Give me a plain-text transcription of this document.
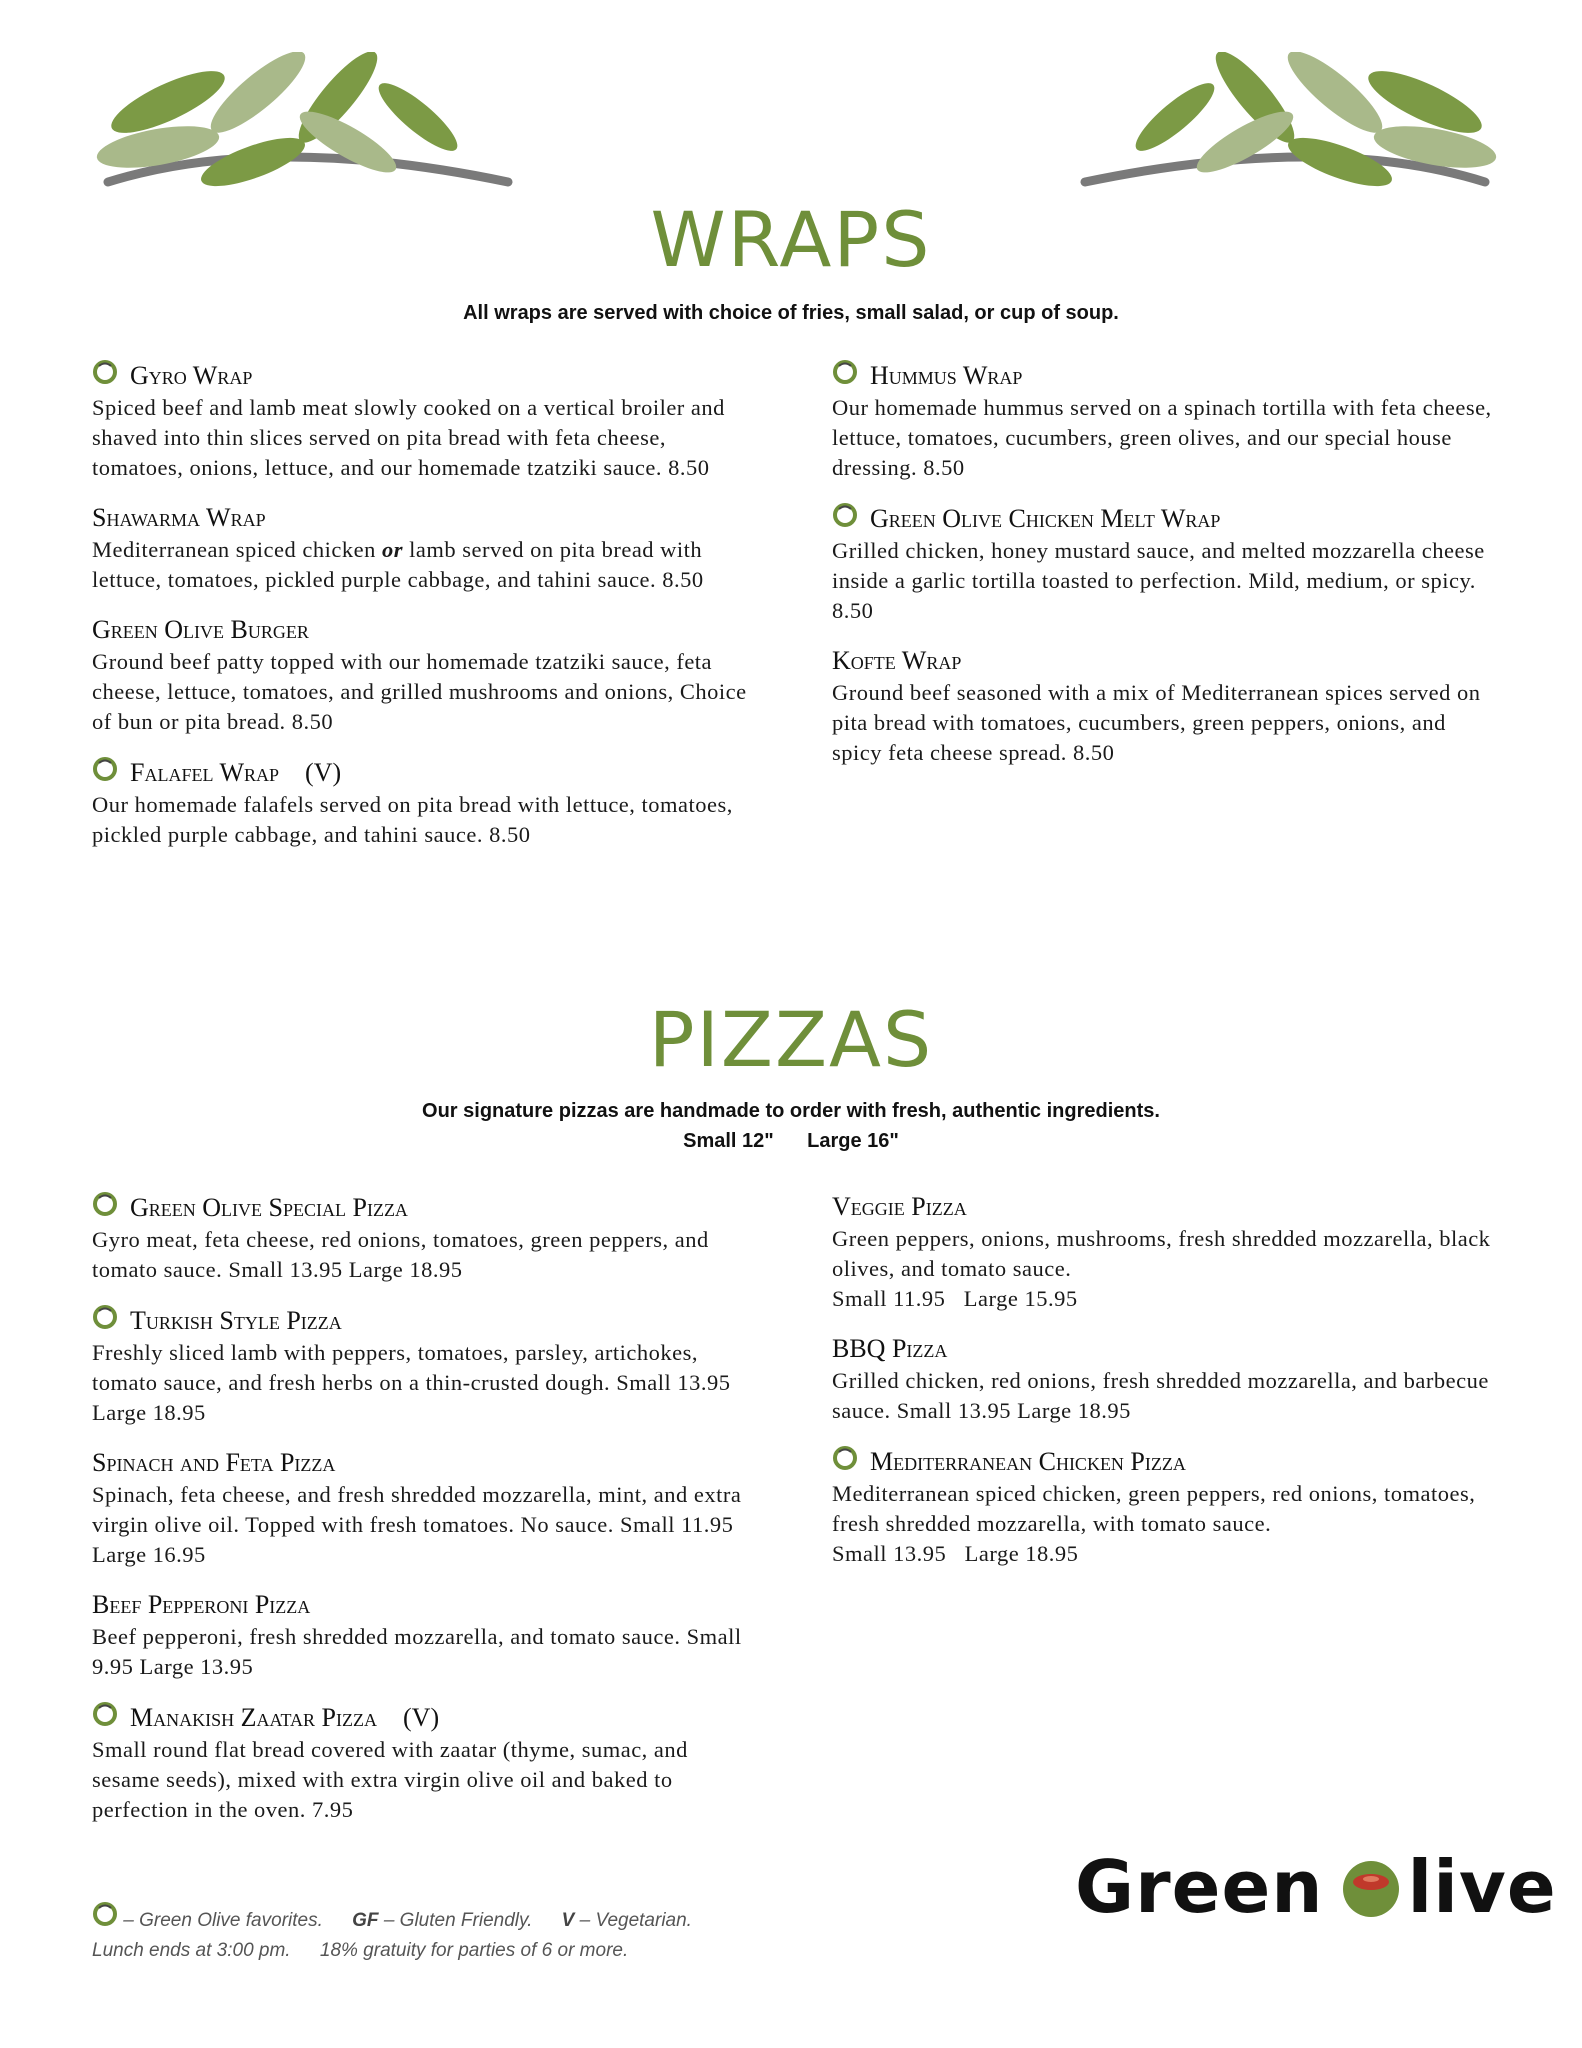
WRAPS
All wraps are served with choice of fries, small salad, or cup of soup.
Gyro Wrap
Spiced beef and lamb meat slowly cooked on a vertical broiler and shaved into thin slices served on pita bread with feta cheese, tomatoes, onions, lettuce, and our homemade tzatziki sauce. 8.50
Shawarma Wrap
Mediterranean spiced chicken or lamb served on pita bread with lettuce, tomatoes, pickled purple cabbage, and tahini sauce. 8.50
Green Olive Burger
Ground beef patty topped with our homemade tzatziki sauce, feta cheese, lettuce, tomatoes, and grilled mushrooms and onions, Choice of bun or pita bread. 8.50
Falafel Wrap (V)
Our homemade falafels served on pita bread with lettuce, tomatoes, pickled purple cabbage, and tahini sauce. 8.50
Hummus Wrap
Our homemade hummus served on a spinach tortilla with feta cheese, lettuce, tomatoes, cucumbers, green olives, and our special house dressing. 8.50
Green Olive Chicken Melt Wrap
Grilled chicken, honey mustard sauce, and melted mozzarella cheese inside a garlic tortilla toasted to perfection. Mild, medium, or spicy. 8.50
Kofte Wrap
Ground beef seasoned with a mix of Mediterranean spices served on pita bread with tomatoes, cucumbers, green peppers, onions, and spicy feta cheese spread. 8.50
PIZZAS
Our signature pizzas are handmade to order with fresh, authentic ingredients.
Small 12"      Large 16"
Green Olive Special Pizza
Gyro meat, feta cheese, red onions, tomatoes, green peppers, and tomato sauce. Small 13.95 Large 18.95
Turkish Style Pizza
Freshly sliced lamb with peppers, tomatoes, parsley, artichokes, tomato sauce, and fresh herbs on a thin-crusted dough. Small 13.95 Large 18.95
Spinach and Feta Pizza
Spinach, feta cheese, and fresh shredded mozzarella, mint, and extra virgin olive oil. Topped with fresh tomatoes. No sauce. Small 11.95 Large 16.95
Beef Pepperoni Pizza
Beef pepperoni, fresh shredded mozzarella, and tomato sauce. Small 9.95 Large 13.95
Manakish Zaatar Pizza (V)
Small round flat bread covered with zaatar (thyme, sumac, and sesame seeds), mixed with extra virgin olive oil and baked to perfection in the oven. 7.95
Veggie Pizza
Green peppers, onions, mushrooms, fresh shredded mozzarella, black olives, and tomato sauce.
Small 11.95   Large 15.95
BBQ Pizza
Grilled chicken, red onions, fresh shredded mozzarella, and barbecue sauce. Small 13.95 Large 18.95
Mediterranean Chicken Pizza
Mediterranean spiced chicken, green peppers, red onions, tomatoes, fresh shredded mozzarella, with tomato sauce.
Small 13.95   Large 18.95
– Green Olive favorites. GF – Gluten Friendly. V – Vegetarian.
Lunch ends at 3:00 pm. 18% gratuity for parties of 6 or more.
Green live
